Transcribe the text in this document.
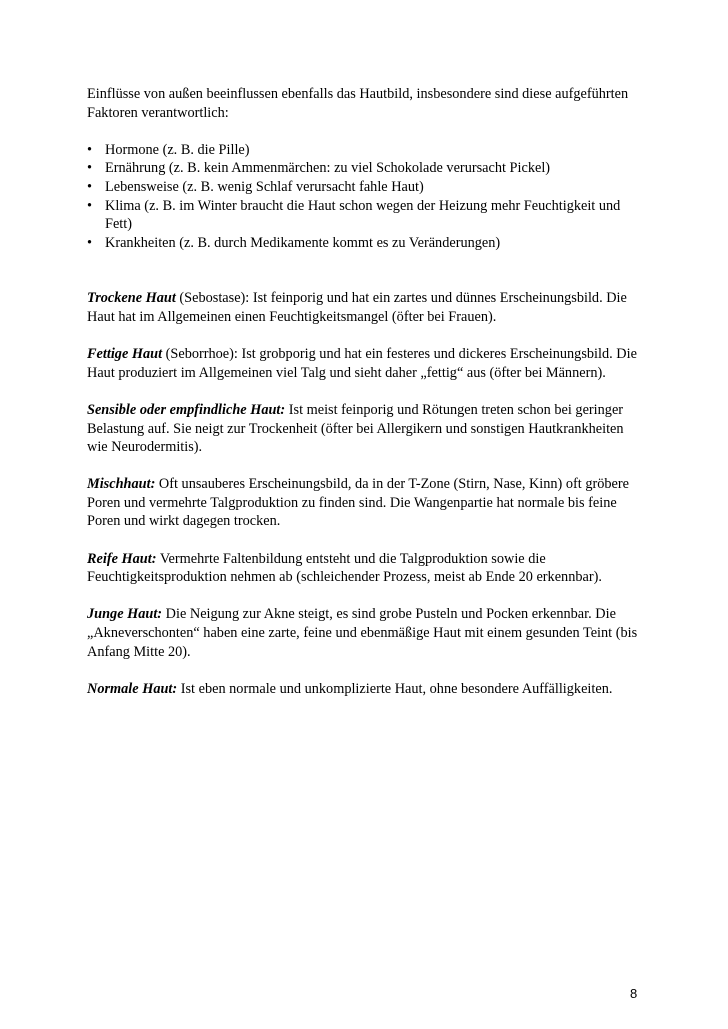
Einflüsse von außen beeinflussen ebenfalls das Hautbild, insbesondere sind diese aufgeführten Faktoren verantwortlich:

• Hormone (z. B. die Pille)
• Ernährung (z. B. kein Ammenmärchen: zu viel Schokolade verursacht Pickel)
• Lebensweise (z. B. wenig Schlaf verursacht fahle Haut)
• Klima (z. B. im Winter braucht die Haut schon wegen der Heizung mehr Feuchtigkeit und Fett)
• Krankheiten (z. B. durch Medikamente kommt es zu Veränderungen)

Trockene Haut (Sebostase): Ist feinporig und hat ein zartes und dünnes Erscheinungsbild. Die Haut hat im Allgemeinen einen Feuchtigkeitsmangel (öfter bei Frauen).

Fettige Haut (Seborrhoe): Ist grobporig und hat ein festeres und dickeres Erscheinungsbild. Die Haut produziert im Allgemeinen viel Talg und sieht daher „fettig“ aus (öfter bei Männern).

Sensible oder empfindliche Haut: Ist meist feinporig und Rötungen treten schon bei geringer Belastung auf. Sie neigt zur Trockenheit (öfter bei Allergikern und sonstigen Hautkrankheiten wie Neurodermitis).

Mischhaut: Oft unsauberes Erscheinungsbild, da in der T-Zone (Stirn, Nase, Kinn) oft gröbere Poren und vermehrte Talgproduktion zu finden sind. Die Wangenpartie hat normale bis feine Poren und wirkt dagegen trocken.

Reife Haut: Vermehrte Faltenbildung entsteht und die Talgproduktion sowie die Feuchtigkeitsproduktion nehmen ab (schleichender Prozess, meist ab Ende 20 erkennbar).

Junge Haut: Die Neigung zur Akne steigt, es sind grobe Pusteln und Pocken erkennbar. Die „Akneverschonten“ haben eine zarte, feine und ebenmäßige Haut mit einem gesunden Teint (bis Anfang Mitte 20).

Normale Haut: Ist eben normale und unkomplizierte Haut, ohne besondere Auffälligkeiten.

8
